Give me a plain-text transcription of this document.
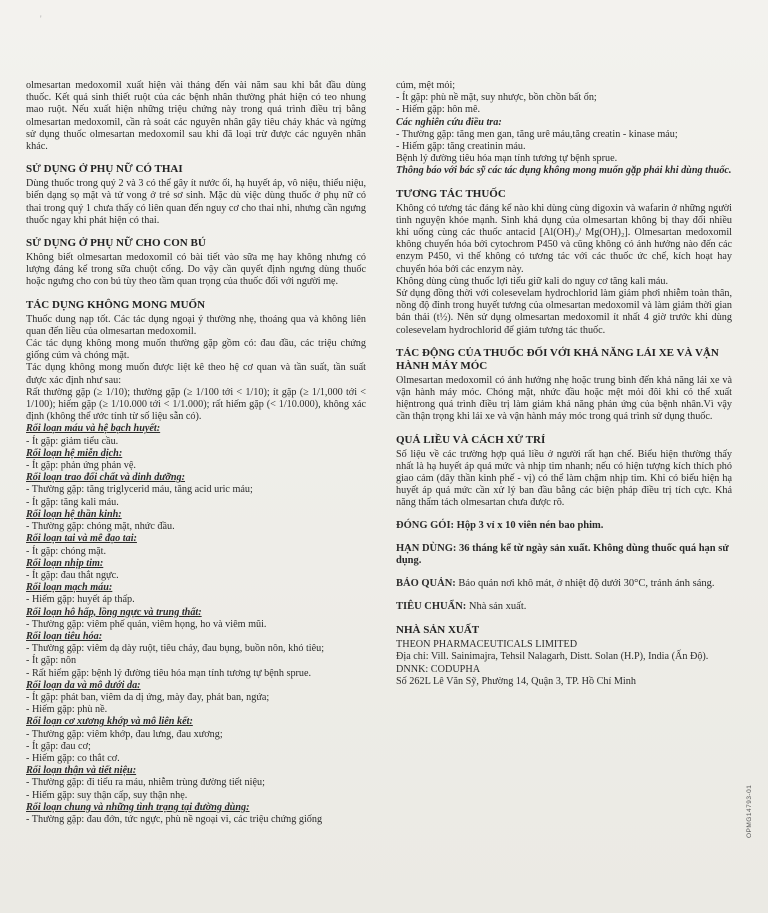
'

olmesartan medoxomil xuất hiện vài tháng đến vài năm sau khi bắt đầu dùng thuốc. Kết quả sinh thiết ruột của các bệnh nhân thường phát hiện có teo nhung mao ruột. Nếu xuất hiện những triệu chứng này trong quá trình điều trị bằng olmesartan medoxomil, cần rà soát các nguyên nhân gây tiêu chảy khác và ngừng sử dụng thuốc olmesartan medoxomil sau khi đã loại trừ được các nguyên nhân khác.

SỬ DỤNG Ở PHỤ NỮ CÓ THAI

Dùng thuốc trong quý 2 và 3 có thể gây ít nước ối, hạ huyết áp, vô niệu, thiểu niệu, biến dạng sọ mặt và tử vong ở trẻ sơ sinh. Mặc dù việc dùng thuốc ở phụ nữ có thai trong quý 1 chưa thấy có liên quan đến nguy cơ cho thai nhi, nhưng cần ngưng thuốc ngay khi phát hiện có thai.

SỬ DỤNG Ở PHỤ NỮ CHO CON BÚ

Không biết olmesartan medoxomil có bài tiết vào sữa mẹ hay không nhưng có lượng đáng kể trong sữa chuột cống. Do vậy cần quyết định ngưng dùng thuốc hoặc ngưng cho con bú tùy theo tầm quan trọng của thuốc đối với người mẹ.

TÁC DỤNG KHÔNG MONG MUỐN

Thuốc dung nạp tốt. Các tác dụng ngoại ý thường nhẹ, thoáng qua và không liên quan đến liều của olmesartan medoxomil.

Các tác dụng không mong muốn thường gặp gồm có: đau đầu, các triệu chứng giống cúm và chóng mặt.

Tác dụng không mong muốn được liệt kê theo hệ cơ quan và tần suất, tần suất được xác định như sau:

Rất thường gặp (≥ 1/10); thường gặp (≥ 1/100 tới < 1/10); ít gặp (≥ 1/1,000 tới < 1/100); hiếm gặp (≥ 1/10.000 tới < 1/1.000); rất hiếm gặp (< 1/10.000), không xác định (không thể ước tính từ số liệu sẵn có).

Rối loạn máu và hệ bạch huyết:

- Ít gặp: giảm tiểu cầu.

Rối loạn hệ miễn dịch:

- Ít gặp: phản ứng phản vệ.

Rối loạn trao đổi chất và dinh dưỡng:

- Thường gặp: tăng triglycerid máu, tăng acid uric máu;

- Ít gặp: tăng kali máu.

Rối loạn hệ thần kinh:

- Thường gặp: chóng mặt, nhức đầu.

Rối loạn tai và mê đạo tai:

- Ít gặp: chóng mặt.

Rối loạn nhịp tim:

- Ít gặp: đau thắt ngực.

Rối loạn mạch máu:

- Hiếm gặp: huyết áp thấp.

Rối loạn hô hấp, lồng ngực và trung thất:

- Thường gặp: viêm phế quản, viêm họng, ho và viêm mũi.

Rối loạn tiêu hóa:

- Thường gặp: viêm dạ dày ruột, tiêu chảy, đau bụng, buồn nôn, khó tiêu;

- Ít gặp: nôn

- Rất hiếm gặp: bệnh lý đường tiêu hóa mạn tính tương tự bệnh sprue.

Rối loạn da và mô dưới da:

- Ít gặp: phát ban, viêm da dị ứng, mày đay, phát ban, ngứa;

- Hiếm gặp: phù nề.

Rối loạn cơ xương khớp và mô liên kết:

- Thường gặp: viêm khớp, đau lưng, đau xương;

- Ít gặp: đau cơ;

- Hiếm gặp: co thắt cơ.

Rối loạn thận và tiết niệu:

- Thường gặp: đi tiểu ra máu, nhiễm trùng đường tiết niệu;

- Hiếm gặp: suy thận cấp, suy thận nhẹ.

Rối loạn chung và những tình trạng tại đường dùng:

- Thường gặp: đau đớn, tức ngực, phù nề ngoại vi, các triệu chứng giống

cúm, mệt mỏi;

- Ít gặp: phù nề mặt, suy nhược, bồn chồn bất ổn;

- Hiếm gặp: hôn mê.

Các nghiên cứu điều tra:

- Thường gặp: tăng men gan, tăng urê máu,tăng creatin - kinase máu;

- Hiếm gặp: tăng creatinin máu.

Bệnh lý đường tiêu hóa mạn tính tương tự bệnh sprue.

Thông báo với bác sỹ các tác dụng không mong muốn gặp phải khi dùng thuốc.

TƯƠNG TÁC THUỐC

Không có tương tác đáng kể nào khi dùng cùng digoxin và wafarin ở những người tình nguyện khỏe mạnh. Sinh khả dụng của olmesartan không bị thay đổi nhiều khi uống cùng các thuốc antacid [Al(OH)₃/ Mg(OH)₂]. Olmesartan medoxomil không chuyển hóa bởi cytochrom P450 và cũng không có ảnh hưởng nào đến các enzym P450, vì thế không có tương tác với các thuốc ức chế, kích hoạt hay chuyển hóa bởi các enzym này.

Không dùng cùng thuốc lợi tiểu giữ kali do nguy cơ tăng kali máu.

Sử dụng đồng thời với colesevelam hydrochlorid làm giảm phơi nhiễm toàn thân, nồng độ đỉnh trong huyết tương của olmesartan medoxomil và làm giảm thời gian bán thải (t½). Nên sử dụng olmesartan medoxomil ít nhất 4 giờ trước khi dùng colesevelam hydrochlorid để giảm tương tác thuốc.

TÁC ĐỘNG CỦA THUỐC ĐỐI VỚI KHẢ NĂNG LÁI XE VÀ VẬN HÀNH MÁY MÓC

Olmesartan medoxomil có ảnh hưởng nhẹ hoặc trung bình đến khả năng lái xe và vận hành máy móc. Chóng mặt, nhức đầu hoặc mệt mỏi đôi khi có thể xuất hiệntrong quá trình điều trị làm giảm khả năng phản ứng của bệnh nhân.Vì vậy cần thận trọng khi lái xe và vận hành máy móc trong quá trình sử dụng thuốc.

QUÁ LIỀU VÀ CÁCH XỬ TRÍ

Số liệu về các trường hợp quá liều ở người rất hạn chế. Biểu hiện thường thấy nhất là hạ huyết áp quá mức và nhịp tim nhanh; nếu có hiện tượng kích thích phó giao cảm (dây thần kinh phế - vị) có thể làm chậm nhịp tim. Khi có biểu hiện hạ huyết áp quá mức cần xử lý ban đầu bằng các biện pháp điều trị tích cực. Khả năng thẩm tách olmesartan chưa được rõ.

ĐÓNG GÓI: Hộp 3 vỉ x 10 viên nén bao phim.

HẠN DÙNG: 36 tháng kể từ ngày sản xuất. Không dùng thuốc quá hạn sử dụng.

BẢO QUẢN: Bảo quản nơi khô mát, ở nhiệt độ dưới 30°C, tránh ánh sáng.

TIÊU CHUẨN: Nhà sản xuất.

NHÀ SẢN XUẤT

THEON PHARMACEUTICALS LIMITED

Địa chỉ: Vill. Sainimajra, Tehsil Nalagarh, Distt. Solan (H.P), India (Ấn Độ).

DNNK: CODUPHA

Số 262L Lê Văn Sỹ, Phường 14, Quận 3, TP. Hồ Chí Minh

OPMG14793-01
